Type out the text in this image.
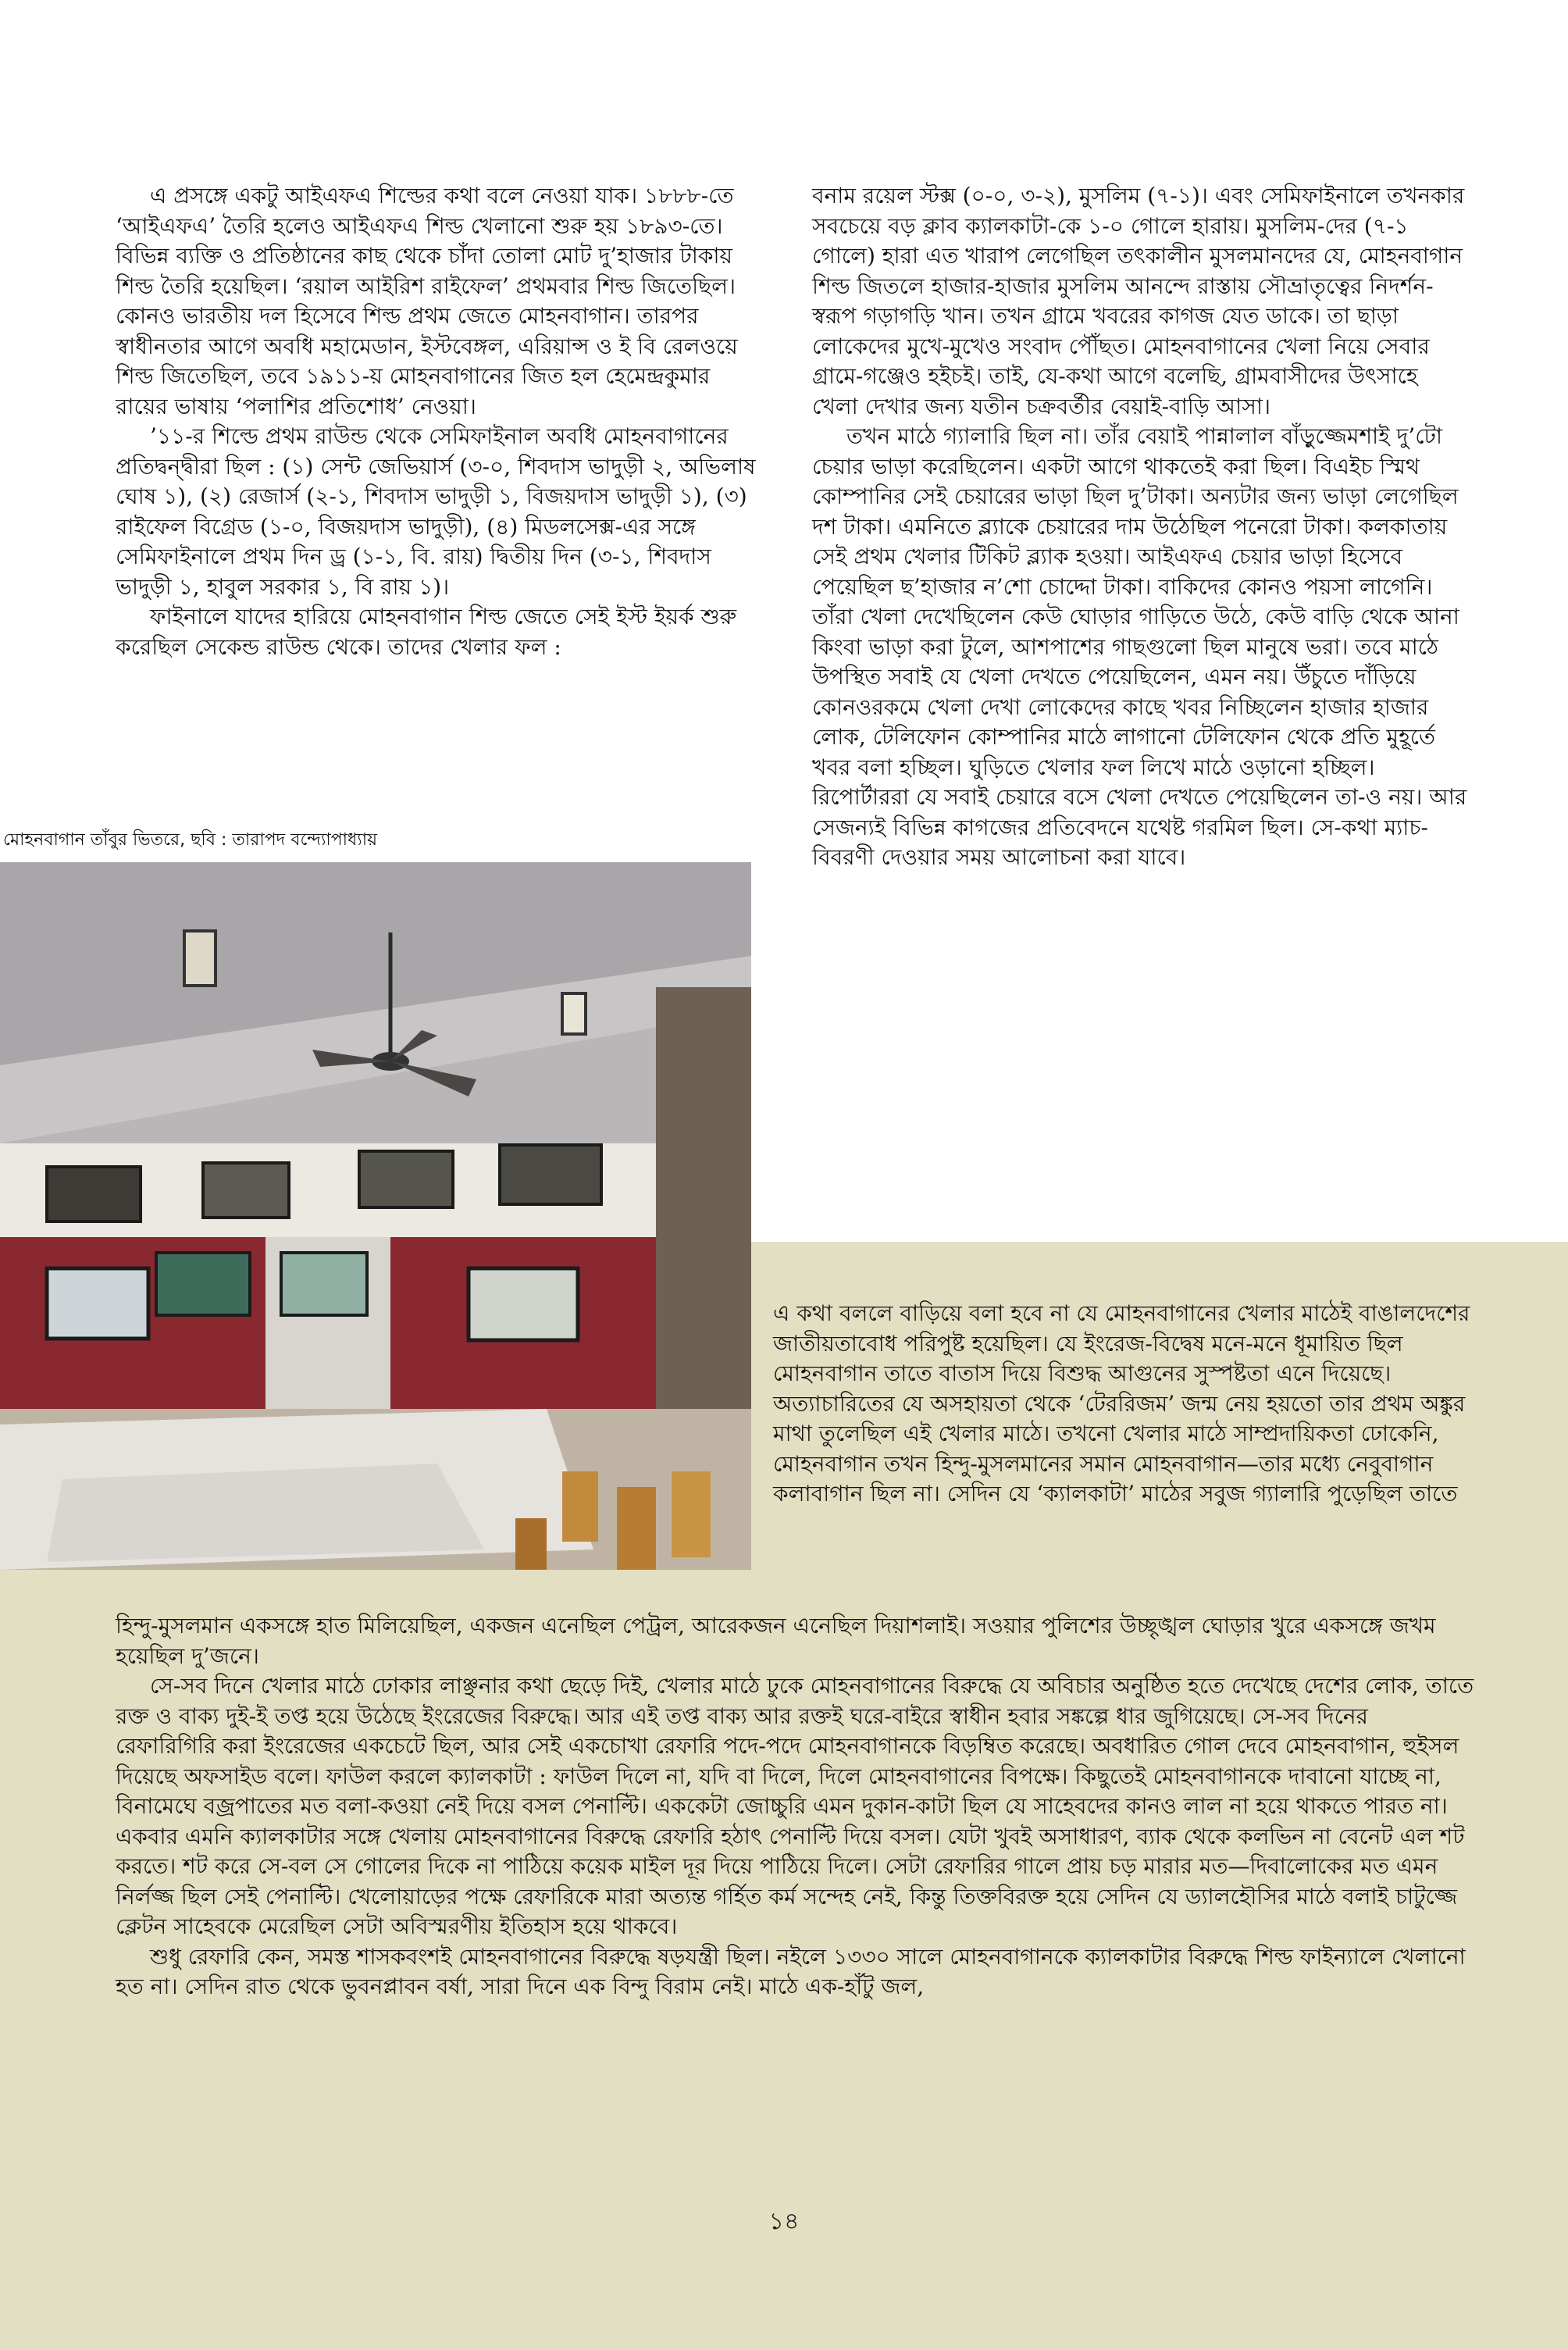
এ প্রসঙ্গে একটু আইএফএ শিল্ডের কথা বলে নেওয়া যাক। ১৮৮৮-তে ‘আইএফএ’ তৈরি হলেও আইএফএ শিল্ড খেলানো শুরু হয় ১৮৯৩-তে। বিভিন্ন ব্যক্তি ও প্রতিষ্ঠানের কাছ থেকে চাঁদা তোলা মোট দু’হাজার টাকায় শিল্ড তৈরি হয়েছিল। ‘রয়াল আইরিশ রাইফেল’ প্রথমবার শিল্ড জিতেছিল। কোনও ভারতীয় দল হিসেবে শিল্ড প্রথম জেতে মোহনবাগান। তারপর স্বাধীনতার আগে অবধি মহামেডান, ইস্টবেঙ্গল, এরিয়ান্স ও ই বি রেলওয়ে শিল্ড জিতেছিল, তবে ১৯১১-য় মোহনবাগানের জিত হল হেমেন্দ্রকুমার রায়ের ভাষায় ‘পলাশির প্রতিশোধ’ নেওয়া।

’১১-র শিল্ডে প্রথম রাউন্ড থেকে সেমিফাইনাল অবধি মোহনবাগানের প্রতিদ্বন্দ্বীরা ছিল : (১) সেন্ট জেভিয়ার্স (৩-০, শিবদাস ভাদুড়ী ২, অভিলাষ ঘোষ ১), (২) রেজার্স (২-১, শিবদাস ভাদুড়ী ১, বিজয়দাস ভাদুড়ী ১), (৩) রাইফেল বিগ্রেড (১-০, বিজয়দাস ভাদুড়ী), (৪) মিডলসেক্স-এর সঙ্গে সেমিফাইনালে প্রথম দিন ড্র (১-১, বি. রায়) দ্বিতীয় দিন (৩-১, শিবদাস ভাদুড়ী ১, হাবুল সরকার ১, বি রায় ১)।

ফাইনালে যাদের হারিয়ে মোহনবাগান শিল্ড জেতে সেই ইস্ট ইয়র্ক শুরু করেছিল সেকেন্ড রাউন্ড থেকে। তাদের খেলার ফল :

বনাম রয়েল স্টক্স (০-০, ৩-২), মুসলিম (৭-১)। এবং সেমিফাইনালে তখনকার সবচেয়ে বড় ক্লাব ক্যালকাটা-কে ১-০ গোলে হারায়। মুসলিম-দের (৭-১ গোলে) হারা এত খারাপ লেগেছিল তৎকালীন মুসলমানদের যে, মোহনবাগান শিল্ড জিতলে হাজার-হাজার মুসলিম আনন্দে রাস্তায় সৌভ্রাতৃত্বের নিদর্শন-স্বরূপ গড়াগড়ি খান। তখন গ্রামে খবরের কাগজ যেত ডাকে। তা ছাড়া লোকেদের মুখে-মুখেও সংবাদ পৌঁছত। মোহনবাগানের খেলা নিয়ে সেবার গ্রামে-গঞ্জেও হইচই। তাই, যে-কথা আগে বলেছি, গ্রামবাসীদের উৎসাহে খেলা দেখার জন্য যতীন চক্রবর্তীর বেয়াই-বাড়ি আসা।

তখন মাঠে গ্যালারি ছিল না। তাঁর বেয়াই পান্নালাল বাঁড়ুজ্জেমশাই দু’টো চেয়ার ভাড়া করেছিলেন। একটা আগে থাকতেই করা ছিল। বিএইচ স্মিথ কোম্পানির সেই চেয়ারের ভাড়া ছিল দু’টাকা। অন্যটার জন্য ভাড়া লেগেছিল দশ টাকা। এমনিতে ব্ল্যাকে চেয়ারের দাম উঠেছিল পনেরো টাকা। কলকাতায় সেই প্রথম খেলার টিকিট ব্ল্যাক হওয়া। আইএফএ চেয়ার ভাড়া হিসেবে পেয়েছিল ছ’হাজার ন’শো চোদ্দো টাকা। বাকিদের কোনও পয়সা লাগেনি। তাঁরা খেলা দেখেছিলেন কেউ ঘোড়ার গাড়িতে উঠে, কেউ বাড়ি থেকে আনা কিংবা ভাড়া করা টুলে, আশপাশের গাছগুলো ছিল মানুষে ভরা। তবে মাঠে উপস্থিত সবাই যে খেলা দেখতে পেয়েছিলেন, এমন নয়। উঁচুতে দাঁড়িয়ে কোনওরকমে খেলা দেখা লোকেদের কাছে খবর নিচ্ছিলেন হাজার হাজার লোক, টেলিফোন কোম্পানির মাঠে লাগানো টেলিফোন থেকে প্রতি মুহূর্তে খবর বলা হচ্ছিল। ঘুড়িতে খেলার ফল লিখে মাঠে ওড়ানো হচ্ছিল। রিপোর্টাররা যে সবাই চেয়ারে বসে খেলা দেখতে পেয়েছিলেন তা-ও নয়। আর সেজন্যই বিভিন্ন কাগজের প্রতিবেদনে যথেষ্ট গরমিল ছিল। সে-কথা ম্যাচ-বিবরণী দেওয়ার সময় আলোচনা করা যাবে।

মোহনবাগান তাঁবুর ভিতরে, ছবি : তারাপদ বন্দ্যোপাধ্যায়

এ কথা বললে বাড়িয়ে বলা হবে না যে মোহনবাগানের খেলার মাঠেই বাঙালদেশের জাতীয়তাবোধ পরিপুষ্ট হয়েছিল। যে ইংরেজ-বিদ্বেষ মনে-মনে ধূমায়িত ছিল মোহনবাগান তাতে বাতাস দিয়ে বিশুদ্ধ আগুনের সুস্পষ্টতা এনে দিয়েছে। অত্যাচারিতের যে অসহায়তা থেকে ‘টেররিজম’ জন্ম নেয় হয়তো তার প্রথম অঙ্কুর মাথা তুলেছিল এই খেলার মাঠে। তখনো খেলার মাঠে সাম্প্রদায়িকতা ঢোকেনি, মোহনবাগান তখন হিন্দু-মুসলমানের সমান মোহনবাগান—তার মধ্যে নেবুবাগান কলাবাগান ছিল না। সেদিন যে ‘ক্যালকাটা’ মাঠের সবুজ গ্যালারি পুড়েছিল তাতে

হিন্দু-মুসলমান একসঙ্গে হাত মিলিয়েছিল, একজন এনেছিল পেট্রল, আরেকজন এনেছিল দিয়াশলাই। সওয়ার পুলিশের উচ্ছৃঙ্খল ঘোড়ার খুরে একসঙ্গে জখম হয়েছিল দু’জনে।

সে-সব দিনে খেলার মাঠে ঢোকার লাঞ্ছনার কথা ছেড়ে দিই, খেলার মাঠে ঢুকে মোহনবাগানের বিরুদ্ধে যে অবিচার অনুষ্ঠিত হতে দেখেছে দেশের লোক, তাতে রক্ত ও বাক্য দুই-ই তপ্ত হয়ে উঠেছে ইংরেজের বিরুদ্ধে। আর এই তপ্ত বাক্য আর রক্তই ঘরে-বাইরে স্বাধীন হবার সঙ্কল্পে ধার জুগিয়েছে। সে-সব দিনের রেফারিগিরি করা ইংরেজের একচেটে ছিল, আর সেই একচোখা রেফারি পদে-পদে মোহনবাগানকে বিড়ম্বিত করেছে। অবধারিত গোল দেবে মোহনবাগান, হুইসল দিয়েছে অফসাইড বলে। ফাউল করলে ক্যালকাটা : ফাউল দিলে না, যদি বা দিলে, দিলে মোহনবাগানের বিপক্ষে। কিছুতেই মোহনবাগানকে দাবানো যাচ্ছে না, বিনামেঘে বজ্রপাতের মত বলা-কওয়া নেই দিয়ে বসল পেনাল্টি। এককেটা জোচ্চুরি এমন দুকান-কাটা ছিল যে সাহেবদের কানও লাল না হয়ে থাকতে পারত না। একবার এমনি ক্যালকাটার সঙ্গে খেলায় মোহনবাগানের বিরুদ্ধে রেফারি হঠাৎ পেনাল্টি দিয়ে বসল। যেটা খুবই অসাধারণ, ব্যাক থেকে কলভিন না বেনেট এল শট করতে। শট করে সে-বল সে গোলের দিকে না পাঠিয়ে কয়েক মাইল দূর দিয়ে পাঠিয়ে দিলে। সেটা রেফারির গালে প্রায় চড় মারার মত—দিবালোকের মত এমন নির্লজ্জ ছিল সেই পেনাল্টি। খেলোয়াড়ের পক্ষে রেফারিকে মারা অত্যন্ত গর্হিত কর্ম সন্দেহ নেই, কিন্তু তিক্তবিরক্ত হয়ে সেদিন যে ড্যালহৌসির মাঠে বলাই চাটুজ্জে ক্লেটন সাহেবকে মেরেছিল সেটা অবিস্মরণীয় ইতিহাস হয়ে থাকবে।

শুধু রেফারি কেন, সমস্ত শাসকবংশই মোহনবাগানের বিরুদ্ধে ষড়যন্ত্রী ছিল। নইলে ১৩৩০ সালে মোহনবাগানকে ক্যালকাটার বিরুদ্ধে শিল্ড ফাইন্যালে খেলানো হত না। সেদিন রাত থেকে ভুবনপ্লাবন বর্ষা, সারা দিনে এক বিন্দু বিরাম নেই। মাঠে এক-হাঁটু জল,

১৪
